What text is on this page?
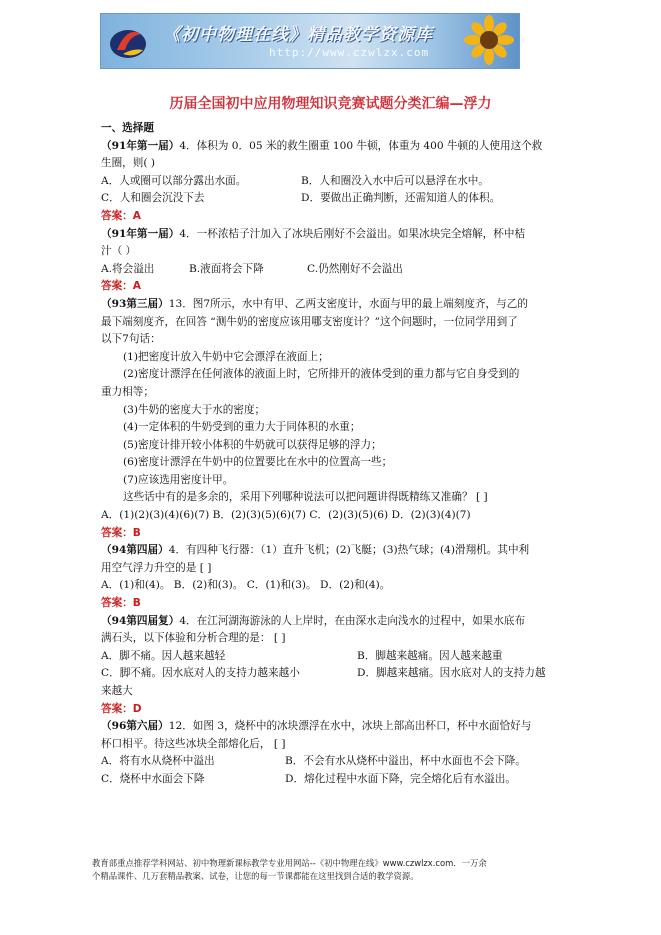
《初中物理在线》精品教学资源库
http://www.czwlzx.com
历届全国初中应用物理知识竞赛试题分类汇编—浮力
一、选择题
（91年第一届）4．体积为 0．05 米的救生圈重 100 牛顿，体重为 400 牛顿的人使用这个救
生圈，则( )
A．人或圈可以部分露出水面。	B．人和圈没入水中后可以悬浮在水中。
C．人和圈会沉没下去	D．要做出正确判断，还需知道人的体积。
答案：A
（91年第一届）4．一杯浓桔子汁加入了冰块后刚好不会溢出。如果冰块完全熔解，杯中桔
汁（ ）
A.将会溢出	B.液面将会下降	C.仍然刚好不会溢出
答案：A
（93第三届）13．图7所示，水中有甲、乙两支密度计，水面与甲的最上端刻度齐，与乙的
最下端刻度齐，在回答 “测牛奶的密度应该用哪支密度计？”这个问题时，一位同学用到了
以下7句话：
(1)把密度计放入牛奶中它会漂浮在液面上；
(2)密度计漂浮在任何液体的液面上时，它所排开的液体受到的重力都与它自身受到的
重力相等；
(3)牛奶的密度大于水的密度；
(4)一定体积的牛奶受到的重力大于同体积的水重；
(5)密度计排开较小体积的牛奶就可以获得足够的浮力；
(6)密度计漂浮在牛奶中的位置要比在水中的位置高一些；
(7)应该选用密度计甲。
这些话中有的是多余的，采用下列哪种说法可以把问题讲得既精练又准确？ [ ]
A．(1)(2)(3)(4)(6)(7) B．(2)(3)(5)(6)(7) C．(2)(3)(5)(6) D．(2)(3)(4)(7)
答案：B
（94第四届）4．有四种飞行器：（1）直升飞机；(2)飞艇；(3)热气球；(4)滑翔机。其中利
用空气浮力升空的是 [ ]
A．(1)和(4)。 B．(2)和(3)。 C．(1)和(3)。 D．(2)和(4)。
答案：B
（94第四届复）4．在江河湖海游泳的人上岸时，在由深水走向浅水的过程中，如果水底布
满石头，以下体验和分析合理的是： [ ]
A．脚不痛。因人越来越轻	B．脚越来越痛。因人越来越重
C．脚不痛。因水底对人的支持力越来越小	D．脚越来越痛。因水底对人的支持力越
来越大
答案：D
（96第六届）12．如图 3，烧杯中的冰块漂浮在水中，冰块上部高出杯口，杯中水面恰好与
杯口相平。待这些冰块全部熔化后， [ ]
A．将有水从烧杯中溢出	B．不会有水从烧杯中溢出，杯中水面也不会下降。
C．烧杯中水面会下降	D．熔化过程中水面下降，完全熔化后有水溢出。
教育部重点推荐学科网站、初中物理新课标教学专业用网站--《初中物理在线》www.czwlzx.com．一万余
个精品课件、几万套精品教案、试卷，让您的每一节课都能在这里找到合适的教学资源。
